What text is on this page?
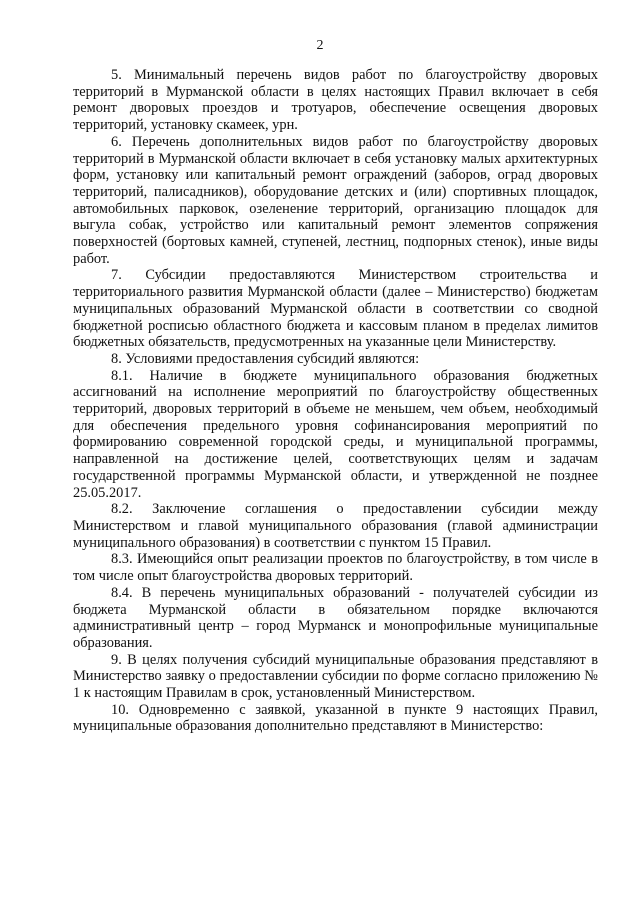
2

5. Минимальный перечень видов работ по благоустройству дворовых территорий в Мурманской области в целях настоящих Правил включает в себя ремонт дворовых проездов и тротуаров, обеспечение освещения дворовых территорий, установку скамеек, урн.

6. Перечень дополнительных видов работ по благоустройству дворовых территорий в Мурманской области включает в себя установку малых архитектурных форм, установку или капитальный ремонт ограждений (заборов, оград дворовых территорий, палисадников), оборудование детских и (или) спортивных площадок, автомобильных парковок, озеленение территорий, организацию площадок для выгула собак, устройство или капитальный ремонт элементов сопряжения поверхностей (бортовых камней, ступеней, лестниц, подпорных стенок), иные виды работ.

7. Субсидии предоставляются Министерством строительства и территориального развития Мурманской области (далее – Министерство) бюджетам муниципальных образований Мурманской области в соответствии со сводной бюджетной росписью областного бюджета и кассовым планом в пределах лимитов бюджетных обязательств, предусмотренных на указанные цели Министерству.

8. Условиями предоставления субсидий являются:

8.1. Наличие в бюджете муниципального образования бюджетных ассигнований на исполнение мероприятий по благоустройству общественных территорий, дворовых территорий в объеме не меньшем, чем объем, необходимый для обеспечения предельного уровня софинансирования мероприятий по формированию современной городской среды, и муниципальной программы, направленной на достижение целей, соответствующих целям и задачам государственной программы Мурманской области, и утвержденной не позднее 25.05.2017.

8.2. Заключение соглашения о предоставлении субсидии между Министерством и главой муниципального образования (главой администрации муниципального образования) в соответствии с пунктом 15 Правил.

8.3. Имеющийся опыт реализации проектов по благоустройству, в том числе в том числе опыт благоустройства дворовых территорий.

8.4. В перечень муниципальных образований - получателей субсидии из бюджета Мурманской области в обязательном порядке включаются административный центр – город Мурманск и монопрофильные муниципальные образования.

9. В целях получения субсидий муниципальные образования представляют в Министерство заявку о предоставлении субсидии по форме согласно приложению № 1 к настоящим Правилам в срок, установленный Министерством.

10. Одновременно с заявкой, указанной в пункте 9 настоящих Правил, муниципальные образования дополнительно представляют в Министерство:
